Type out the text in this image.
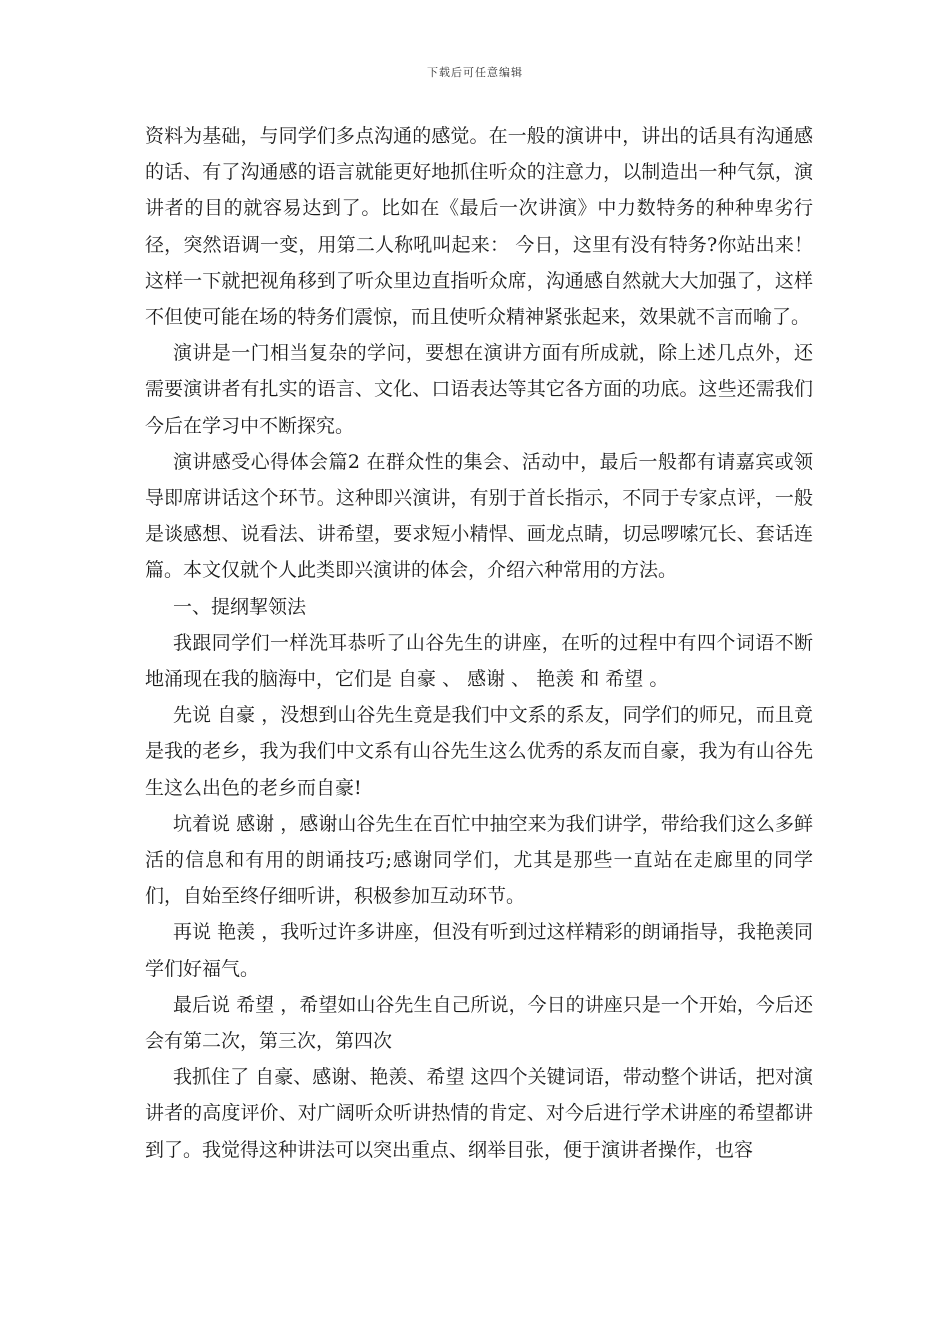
下载后可任意编辑

资料为基础，与同学们多点沟通的感觉。在一般的演讲中，讲出的话具有沟通感的话、有了沟通感的语言就能更好地抓住听众的注意力，以制造出一种气氛，演讲者的目的就容易达到了。比如在《最后一次讲演》中力数特务的种种卑劣行径，突然语调一变，用第二人称吼叫起来： 今日，这里有没有特务?你站出来！这样一下就把视角移到了听众里边直指听众席，沟通感自然就大大加强了，这样不但使可能在场的特务们震惊，而且使听众精神紧张起来，效果就不言而喻了。

演讲是一门相当复杂的学问，要想在演讲方面有所成就，除上述几点外，还需要演讲者有扎实的语言、文化、口语表达等其它各方面的功底。这些还需我们今后在学习中不断探究。

演讲感受心得体会篇2 在群众性的集会、活动中，最后一般都有请嘉宾或领导即席讲话这个环节。这种即兴演讲，有别于首长指示，不同于专家点评，一般是谈感想、说看法、讲希望，要求短小精悍、画龙点睛，切忌啰嗦冗长、套话连篇。本文仅就个人此类即兴演讲的体会，介绍六种常用的方法。

一、提纲挈领法

我跟同学们一样洗耳恭听了山谷先生的讲座，在听的过程中有四个词语不断地涌现在我的脑海中，它们是 自豪 、 感谢 、 艳羡 和 希望 。

先说 自豪 ，没想到山谷先生竟是我们中文系的系友，同学们的师兄，而且竟是我的老乡，我为我们中文系有山谷先生这么优秀的系友而自豪，我为有山谷先生这么出色的老乡而自豪!

坑着说 感谢 ，感谢山谷先生在百忙中抽空来为我们讲学，带给我们这么多鲜活的信息和有用的朗诵技巧;感谢同学们，尤其是那些一直站在走廊里的同学们，自始至终仔细听讲，积极参加互动环节。

再说 艳羡 ，我听过许多讲座，但没有听到过这样精彩的朗诵指导，我艳羡同学们好福气。

最后说 希望 ，希望如山谷先生自己所说，今日的讲座只是一个开始，今后还会有第二次，第三次，第四次

我抓住了 自豪、感谢、艳羡、希望 这四个关键词语，带动整个讲话，把对演讲者的高度评价、对广阔听众听讲热情的肯定、对今后进行学术讲座的希望都讲到了。我觉得这种讲法可以突出重点、纲举目张，便于演讲者操作，也容
